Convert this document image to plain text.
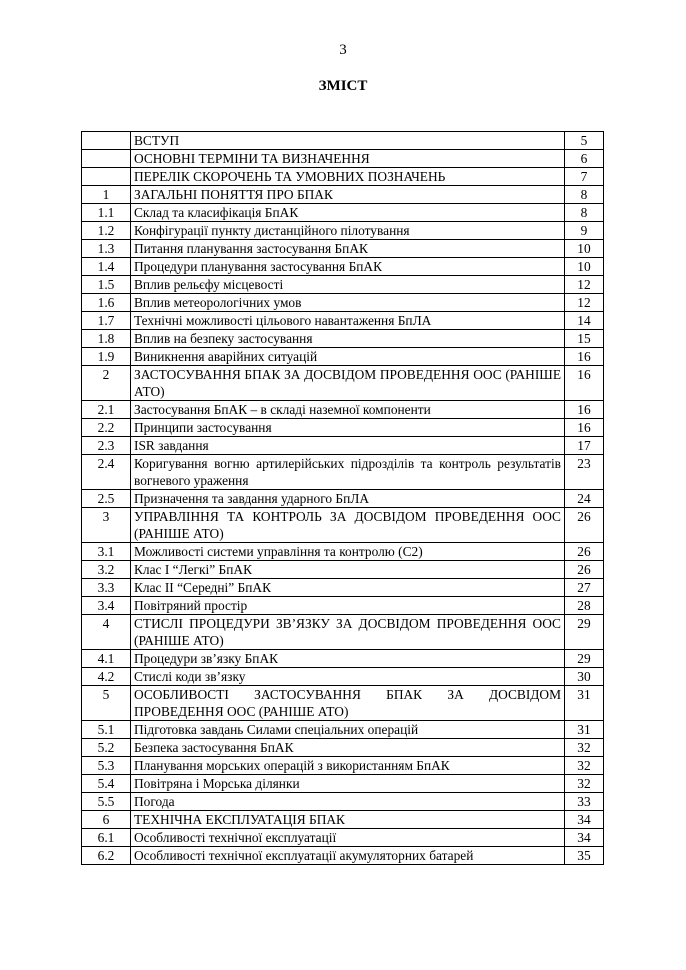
3
ЗМІСТ
	ВСТУП	5
	ОСНОВНІ ТЕРМІНИ ТА ВИЗНАЧЕННЯ	6
	ПЕРЕЛІК СКОРОЧЕНЬ ТА УМОВНИХ ПОЗНАЧЕНЬ	7
1	ЗАГАЛЬНІ ПОНЯТТЯ ПРО БПАК	8
1.1	Склад та класифікація БпАК	8
1.2	Конфігурації пункту дистанційного пілотування	9
1.3	Питання планування застосування БпАК	10
1.4	Процедури планування застосування БпАК	10
1.5	Вплив рельєфу місцевості	12
1.6	Вплив метеорологічних умов	12
1.7	Технічні можливості цільового навантаження БпЛА	14
1.8	Вплив на безпеку застосування	15
1.9	Виникнення аварійних ситуацій	16
2	ЗАСТОСУВАННЯ БПАК ЗА ДОСВІДОМ ПРОВЕДЕННЯ ООС (РАНІШЕ АТО)	16
2.1	Застосування БпАК – в складі наземної компоненти	16
2.2	Принципи застосування	16
2.3	ISR завдання	17
2.4	Коригування вогню артилерійських підрозділів та контроль результатів вогневого ураження	23
2.5	Призначення та завдання ударного БпЛА	24
3	УПРАВЛІННЯ ТА КОНТРОЛЬ ЗА ДОСВІДОМ ПРОВЕДЕННЯ ООС (РАНІШЕ АТО)	26
3.1	Можливості системи управління та контролю (C2)	26
3.2	Клас І “Легкі” БпАК	26
3.3	Клас ІІ “Середні” БпАК	27
3.4	Повітряний простір	28
4	СТИСЛІ ПРОЦЕДУРИ ЗВ’ЯЗКУ ЗА ДОСВІДОМ ПРОВЕДЕННЯ ООС (РАНІШЕ АТО)	29
4.1	Процедури зв’язку БпАК	29
4.2	Стислі коди зв’язку	30
5	ОСОБЛИВОСТІ ЗАСТОСУВАННЯ БПАК ЗА ДОСВІДОМ ПРОВЕДЕННЯ ООС (РАНІШЕ АТО)	31
5.1	Підготовка завдань Силами спеціальних операцій	31
5.2	Безпека застосування БпАК	32
5.3	Планування морських операцій з використанням БпАК	32
5.4	Повітряна і Морська ділянки	32
5.5	Погода	33
6	ТЕХНІЧНА ЕКСПЛУАТАЦІЯ БПАК	34
6.1	Особливості технічної експлуатації	34
6.2	Особливості технічної експлуатації акумуляторних батарей	35
